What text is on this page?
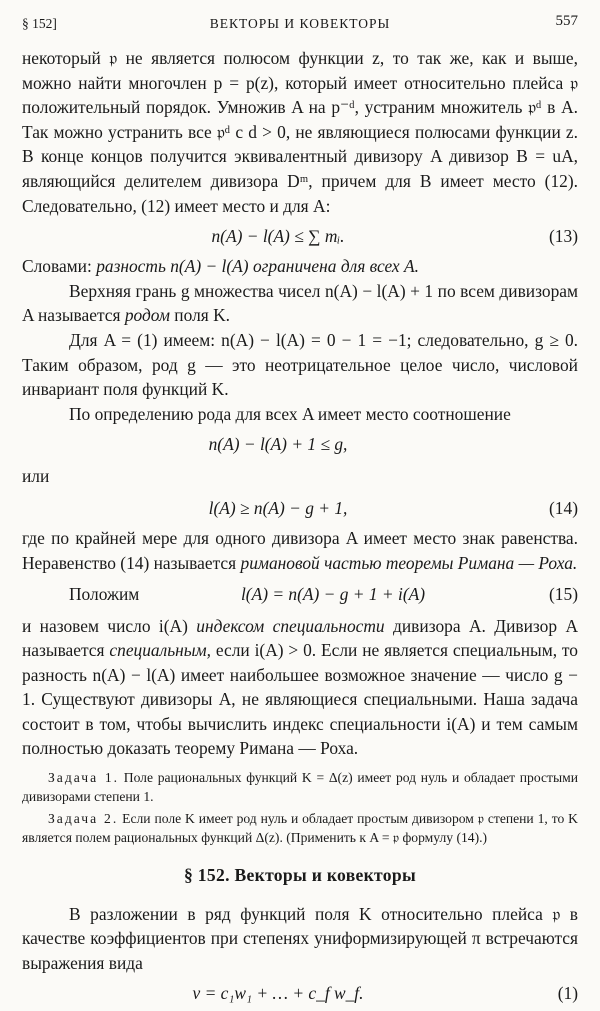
§ 152]	ВЕКТОРЫ И КОВЕКТОРЫ	557

некоторый 𝔭 не является полюсом функции z, то так же, как и выше, можно найти многочлен p = p(z), который имеет относительно плейса 𝔭 положительный порядок. Умножив A на p⁻ᵈ, устраним множитель 𝔭ᵈ в A. Так можно устранить все 𝔭ᵈ с d > 0, не являющиеся полюсами функции z. В конце концов получится эквивалентный дивизору A дивизор B = uA, являющийся делителем дивизора Dᵐ, причем для B имеет место (12). Следовательно, (12) имеет место и для A:

n(A) − l(A) ≤ ∑ mᵢ.	(13)

Словами: разность n(A) − l(A) ограничена для всех A.

Верхняя грань g множества чисел n(A) − l(A) + 1 по всем дивизорам A называется родом поля K.

Для A = (1) имеем: n(A) − l(A) = 0 − 1 = −1; следовательно, g ≥ 0. Таким образом, род g — это неотрицательное целое число, числовой инвариант поля функций K.

По определению рода для всех A имеет место соотношение

n(A) − l(A) + 1 ≤ g,
или
l(A) ≥ n(A) − g + 1,	(14)

где по крайней мере для одного дивизора A имеет место знак равенства. Неравенство (14) называется римановой частью теоремы Римана — Роха.

Положим	l(A) = n(A) − g + 1 + i(A)	(15)

и назовем число i(A) индексом специальности дивизора A. Дивизор A называется специальным, если i(A) > 0. Если не является специальным, то разность n(A) − l(A) имеет наибольшее возможное значение — число g − 1. Существуют дивизоры A, не являющиеся специальными. Наша задача состоит в том, чтобы вычислить индекс специальности i(A) и тем самым полностью доказать теорему Римана — Роха.

Задача 1. Поле рациональных функций K = Δ(z) имеет род нуль и обладает простыми дивизорами степени 1.

Задача 2. Если поле K имеет род нуль и обладает простым дивизором 𝔭 степени 1, то K является полем рациональных функций Δ(z). (Применить к A = 𝔭 формулу (14).)

§ 152. Векторы и ковекторы

В разложении в ряд функций поля K относительно плейса 𝔭 в качестве коэффициентов при степенях униформизирующей π встречаются выражения вида

v = c₁w₁ + … + c_f w_f.	(1)
